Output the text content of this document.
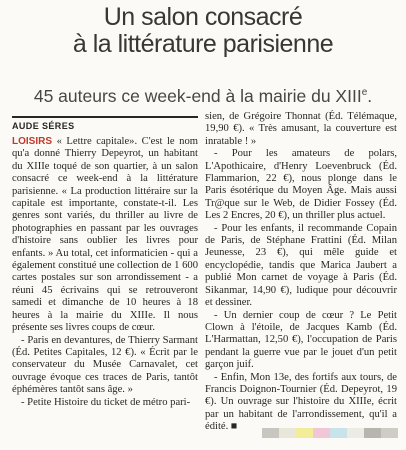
Un salon consacré
à la littérature parisienne
45 auteurs ce week-end à la mairie du XIIIe.
AUDE SÉRES

LOISIRS « Lettre capitale». C'est le nom qu'a donné Thierry Depeyrot, un habitant du XIIIe toqué de son quartier, à un salon consacré ce week-end à la littérature parisienne. « La production littéraire sur la capitale est importante, constate-t-il. Les genres sont variés, du thriller au livre de photographies en passant par les ouvrages d'histoire sans oublier les livres pour enfants. » Au total, cet informaticien - qui a également constitué une collection de 1 600 cartes postales sur son arrondissement - a réuni 45 écrivains qui se retrouveront samedi et dimanche de 10 heures à 18 heures à la mairie du XIIIe. Il nous présente ses livres coups de cœur.

- Paris en devantures, de Thierry Sarmant (Éd. Petites Capitales, 12 €). « Écrit par le conservateur du Musée Carnavalet, cet ouvrage évoque ces traces de Paris, tantôt éphémères tantôt sans âge. »

- Petite Histoire du ticket de métro pari-

sien, de Grégoire Thonnat (Éd. Télémaque, 19,90 €). « Très amusant, la couverture est inratable ! »

- Pour les amateurs de polars, L'Apothicaire, d'Henry Loevenbruck (Éd. Flammarion, 22 €), nous plonge dans le Paris ésotérique du Moyen Âge. Mais aussi Tr@que sur le Web, de Didier Fossey (Éd. Les 2 Encres, 20 €), un thriller plus actuel.

- Pour les enfants, il recommande Copain de Paris, de Stéphane Frattini (Éd. Milan Jeunesse, 23 €), qui mêle guide et encyclopédie, tandis que Marica Jaubert a publié Mon carnet de voyage à Paris (Éd. Sikanmar, 14,90 €), ludique pour découvrir et dessiner.

- Un dernier coup de cœur ? Le Petit Clown à l'étoile, de Jacques Kamb (Éd. L'Harmattan, 12,50 €), l'occupation de Paris pendant la guerre vue par le jouet d'un petit garçon juif.

- Enfin, Mon 13e, des fortifs aux tours, de Francis Doignon-Tournier (Éd. Depeyrot, 19 €). Un ouvrage sur l'histoire du XIIIe, écrit par un habitant de l'arrondissement, qu'il a édité. ■
